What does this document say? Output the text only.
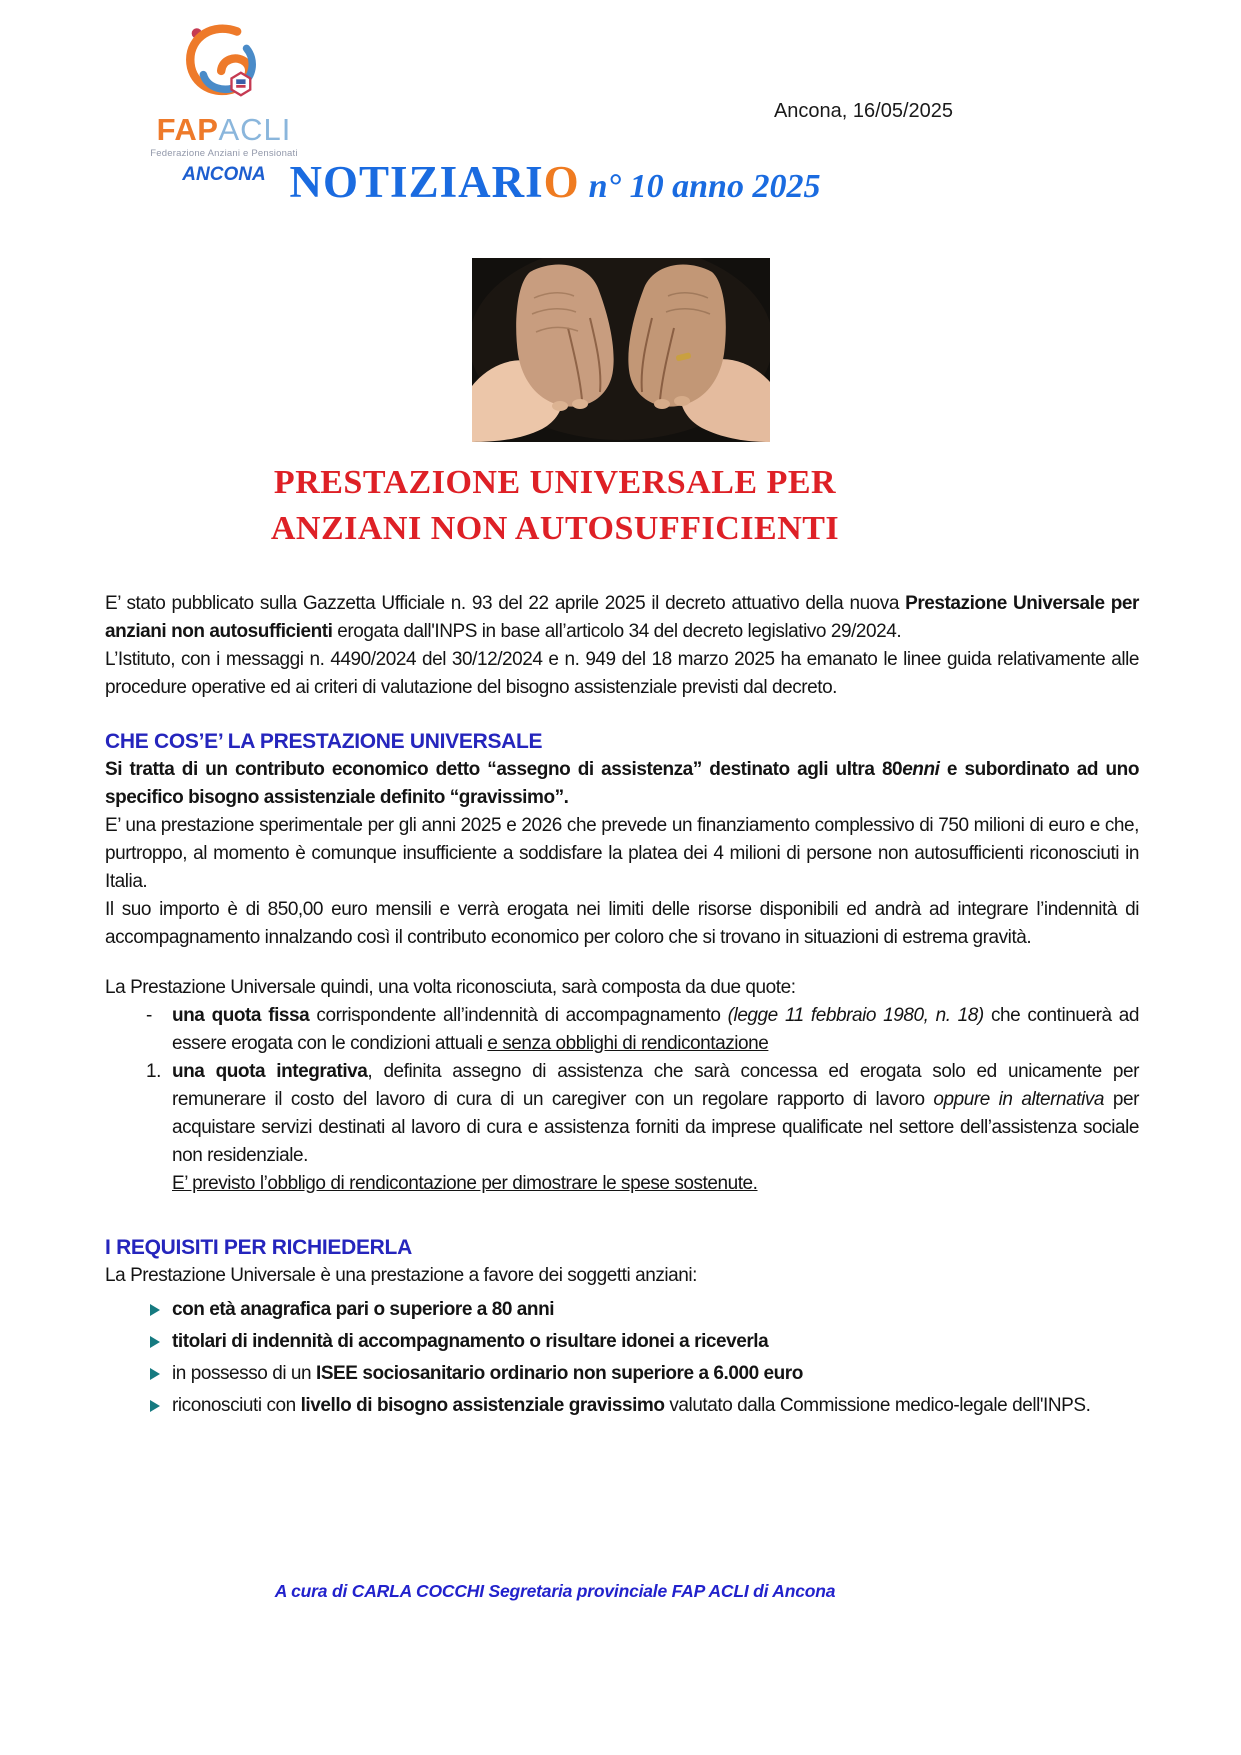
FAPACLI
Federazione Anziani e Pensionati
ANCONA
Ancona, 16/05/2025
NOTIZIARIO n° 10 anno 2025
PRESTAZIONE UNIVERSALE PER
ANZIANI NON AUTOSUFFICIENTI

E’ stato pubblicato sulla Gazzetta Ufficiale n. 93 del 22 aprile 2025 il decreto attuativo della nuova Prestazione Universale per anziani non autosufficienti erogata dall'INPS in base all’articolo 34 del decreto legislativo 29/2024.

L’Istituto, con i messaggi n. 4490/2024 del 30/12/2024 e n. 949 del 18 marzo 2025 ha emanato le linee guida relativamente alle procedure operative ed ai criteri di valutazione del bisogno assistenziale previsti dal decreto.

CHE COS’E’ LA PRESTAZIONE UNIVERSALE

Si tratta di un contributo economico detto “assegno di assistenza” destinato agli ultra 80enni e subordinato ad uno specifico bisogno assistenziale definito “gravissimo”.

E’ una prestazione sperimentale per gli anni 2025 e 2026 che prevede un finanziamento complessivo di 750 milioni di euro e che, purtroppo, al momento è comunque insufficiente a soddisfare la platea dei 4 milioni di persone non autosufficienti riconosciuti in Italia.

Il suo importo è di 850,00 euro mensili e verrà erogata nei limiti delle risorse disponibili ed andrà ad integrare l’indennità di accompagnamento innalzando così il contributo economico per coloro che si trovano in situazioni di estrema gravità.

La Prestazione Universale quindi, una volta riconosciuta, sarà composta da due quote:

- una quota fissa corrispondente all’indennità di accompagnamento (legge 11 febbraio 1980, n. 18) che continuerà ad essere erogata con le condizioni attuali e senza obblighi di rendicontazione
1. una quota integrativa, definita assegno di assistenza che sarà concessa ed erogata solo ed unicamente per remunerare il costo del lavoro di cura di un caregiver con un regolare rapporto di lavoro oppure in alternativa per acquistare servizi destinati al lavoro di cura e assistenza forniti da imprese qualificate nel settore dell’assistenza sociale non residenziale.
E’ previsto l’obbligo di rendicontazione per dimostrare le spese sostenute.
I REQUISITI PER RICHIEDERLA

La Prestazione Universale è una prestazione a favore dei soggetti anziani:

con età anagrafica pari o superiore a 80 anni
titolari di indennità di accompagnamento o risultare idonei a riceverla
in possesso di un ISEE sociosanitario ordinario non superiore a 6.000 euro
riconosciuti con livello di bisogno assistenziale gravissimo valutato dalla Commissione medico-legale dell'INPS.
A cura di CARLA COCCHI Segretaria provinciale FAP ACLI di Ancona
